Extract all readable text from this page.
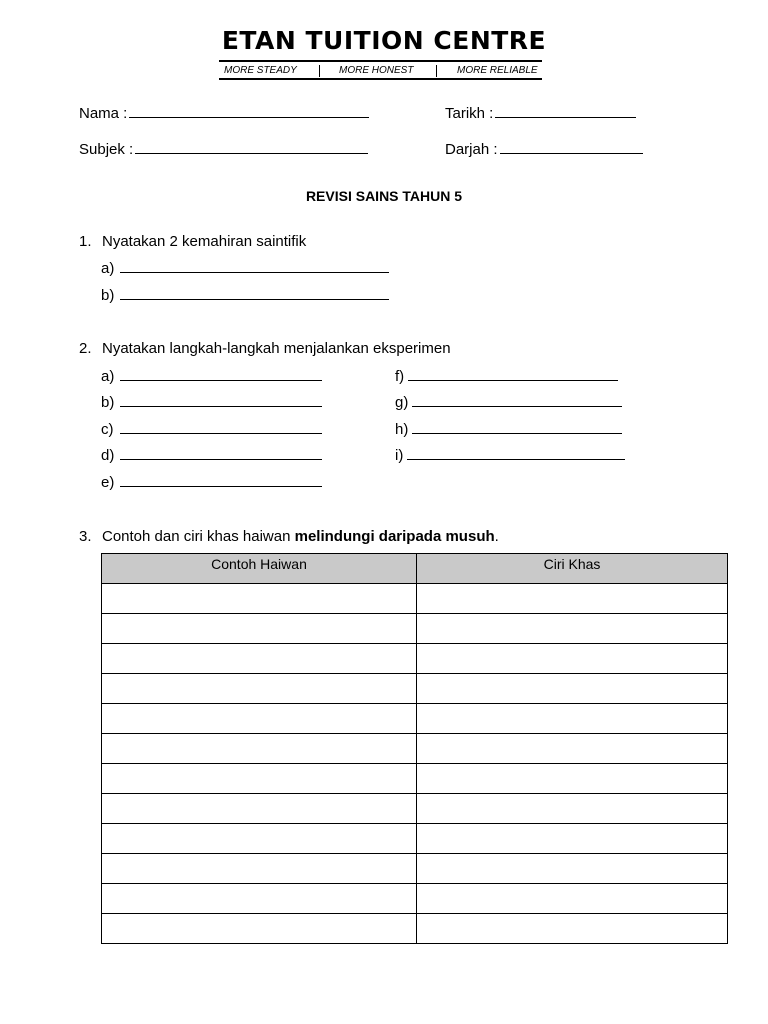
ETAN TUITION CENTRE
MORE STEADY	MORE HONEST	MORE RELIABLE
Nama :	Tarikh :
Subjek :	Darjah :
REVISI SAINS TAHUN 5
1. Nyatakan 2 kemahiran saintifik
a)
b)
2. Nyatakan langkah-langkah menjalankan eksperimen
a)
b)
c)
d)
e)
f)
g)
h)
i)
3. Contoh dan ciri khas haiwan melindungi daripada musuh.
Contoh Haiwan	Ciri Khas
